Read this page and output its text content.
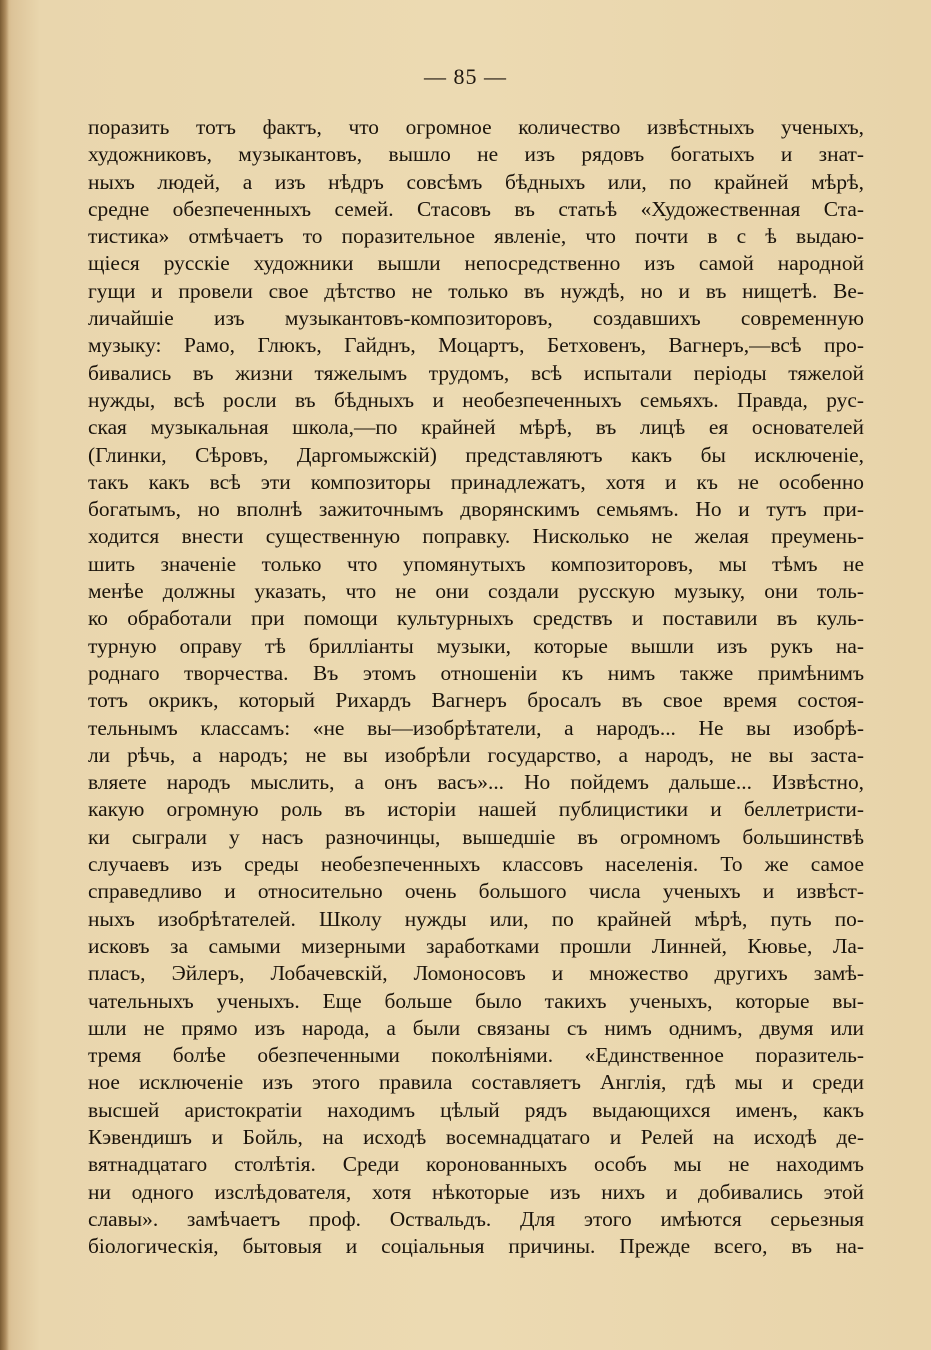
— 85 —
поразить тотъ фактъ, что огромное количество извѣстныхъ ученыхъ,
художниковъ, музыкантовъ, вышло не изъ рядовъ богатыхъ и знат-
ныхъ людей, а изъ нѣдръ совсѣмъ бѣдныхъ или, по крайней мѣрѣ,
средне обезпеченныхъ семей. Стасовъ въ статьѣ «Художественная Ста-
тистика» отмѣчаетъ то поразительное явленіе, что почти в с ѣ выдаю-
щіеся русскіе художники вышли непосредственно изъ самой народной
гущи и провели свое дѣтство не только въ нуждѣ, но и въ нищетѣ. Ве-
личайшіе изъ музыкантовъ-композиторовъ, создавшихъ современную
музыку: Рамо, Глюкъ, Гайднъ, Моцартъ, Бетховенъ, Вагнеръ,—всѣ про-
бивались въ жизни тяжелымъ трудомъ, всѣ испытали періоды тяжелой
нужды, всѣ росли въ бѣдныхъ и необезпеченныхъ семьяхъ. Правда, рус-
ская музыкальная школа,—по крайней мѣрѣ, въ лицѣ ея основателей
(Глинки, Сѣровъ, Даргомыжскій) представляютъ какъ бы исключеніе,
такъ какъ всѣ эти композиторы принадлежатъ, хотя и къ не особенно
богатымъ, но вполнѣ зажиточнымъ дворянскимъ семьямъ. Но и тутъ при-
ходится внести существенную поправку. Нисколько не желая преумень-
шить значеніе только что упомянутыхъ композиторовъ, мы тѣмъ не
менѣе должны указать, что не они создали русскую музыку, они толь-
ко обработали при помощи культурныхъ средствъ и поставили въ куль-
турную оправу тѣ брилліанты музыки, которые вышли изъ рукъ на-
роднаго творчества. Въ этомъ отношеніи къ нимъ также примѣнимъ
тотъ окрикъ, который Рихардъ Вагнеръ бросалъ въ свое время состоя-
тельнымъ классамъ: «не вы—изобрѣтатели, а народъ... Не вы изобрѣ-
ли рѣчь, а народъ; не вы изобрѣли государство, а народъ, не вы заста-
вляете народъ мыслить, а онъ васъ»... Но пойдемъ дальше... Извѣстно,
какую огромную роль въ исторіи нашей публицистики и беллетристи-
ки сыграли у насъ разночинцы, вышедшіе въ огромномъ большинствѣ
случаевъ изъ среды необезпеченныхъ классовъ населенія. То же самое
справедливо и относительно очень большого числа ученыхъ и извѣст-
ныхъ изобрѣтателей. Школу нужды или, по крайней мѣрѣ, путь по-
исковъ за самыми мизерными заработками прошли Линней, Кювье, Ла-
пласъ, Эйлеръ, Лобачевскій, Ломоносовъ и множество другихъ замѣ-
чательныхъ ученыхъ. Еще больше было такихъ ученыхъ, которые вы-
шли не прямо изъ народа, а были связаны съ нимъ однимъ, двумя или
тремя болѣе обезпеченными поколѣніями. «Единственное поразитель-
ное исключеніе изъ этого правила составляетъ Англія, гдѣ мы и среди
высшей аристократіи находимъ цѣлый рядъ выдающихся именъ, какъ
Кэвендишъ и Бойль, на исходѣ восемнадцатаго и Релей на исходѣ де-
вятнадцатаго столѣтія. Среди коронованныхъ особъ мы не находимъ
ни одного изслѣдователя, хотя нѣкоторые изъ нихъ и добивались этой
славы». замѣчаетъ проф. Оствальдъ. Для этого имѣются серьезныя
біологическія, бытовыя и соціальныя причины. Прежде всего, въ на-
